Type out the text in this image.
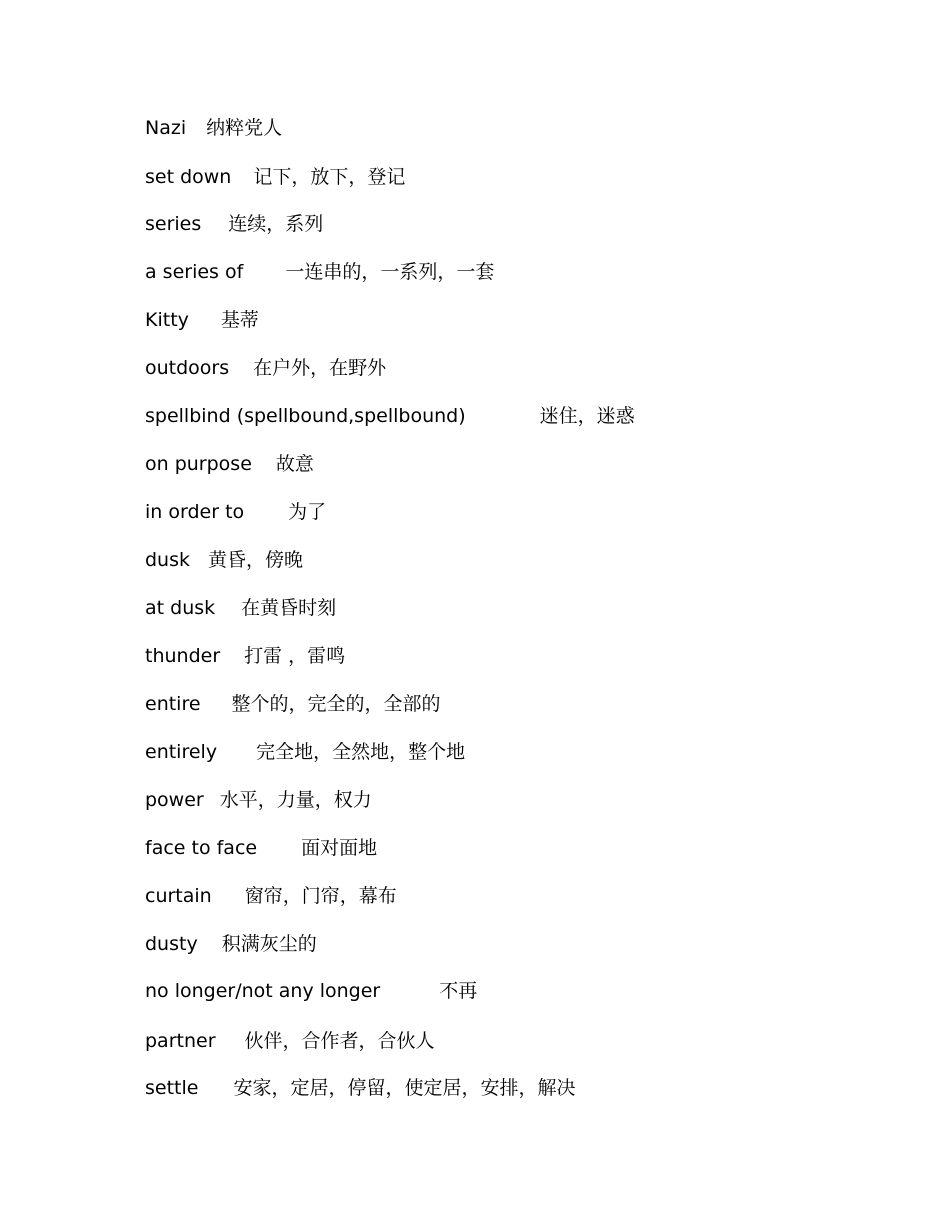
Nazi 纳粹党人
set down 记下，放下，登记
series 连续，系列
a series of 一连串的，一系列，一套
Kitty 基蒂
outdoors 在户外，在野外
spellbind (spellbound,spellbound)	迷住，迷惑
on purpose 故意
in order to 为了
dusk 黄昏，傍晚
at dusk 在黄昏时刻
thunder 打雷 ，雷鸣
entire 整个的，完全的，全部的
entirely 完全地，全然地，整个地
power 水平，力量，权力
face to face 面对面地
curtain 窗帘，门帘，幕布
dusty 积满灰尘的
no longer/not any longer	不再
partner 伙伴，合作者，合伙人
settle 安家，定居，停留，使定居，安排，解决
